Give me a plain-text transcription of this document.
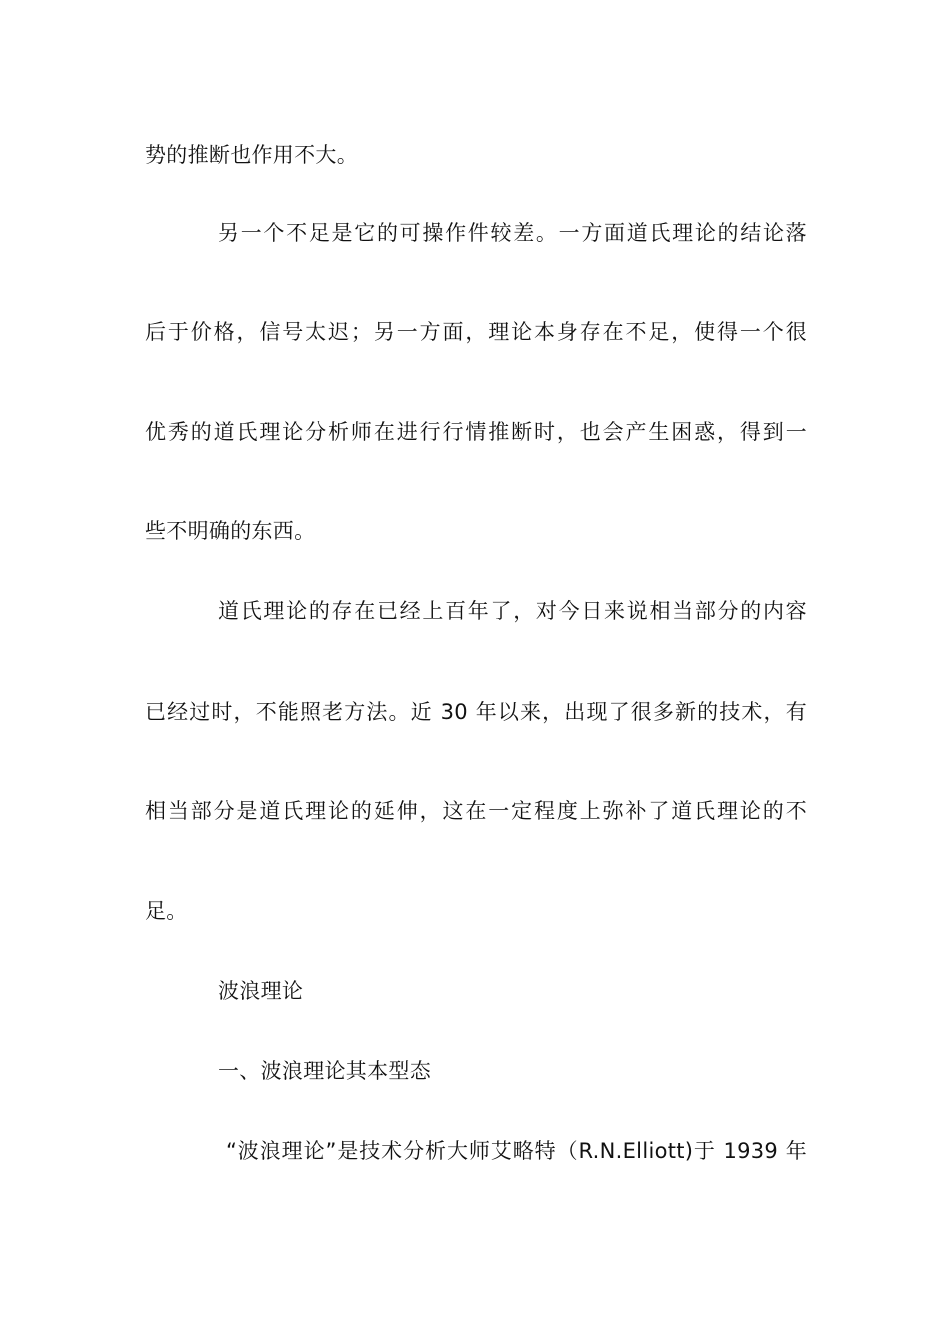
势的推断也作用不大。
另一个不足是它的可操作件较差。一方面道氏理论的结论落
后于价格，信号太迟；另一方面，理论本身存在不足，使得一个很
优秀的道氏理论分析师在进行行情推断时，也会产生困惑，得到一
些不明确的东西。
道氏理论的存在已经上百年了，对今日来说相当部分的内容
已经过时，不能照老方法。近 30 年以来，出现了很多新的技术，有
相当部分是道氏理论的延伸，这在一定程度上弥补了道氏理论的不
足。
波浪理论
一、波浪理论其本型态
“波浪理论”是技术分析大师艾略特（R.N.Elliott)于 1939 年
